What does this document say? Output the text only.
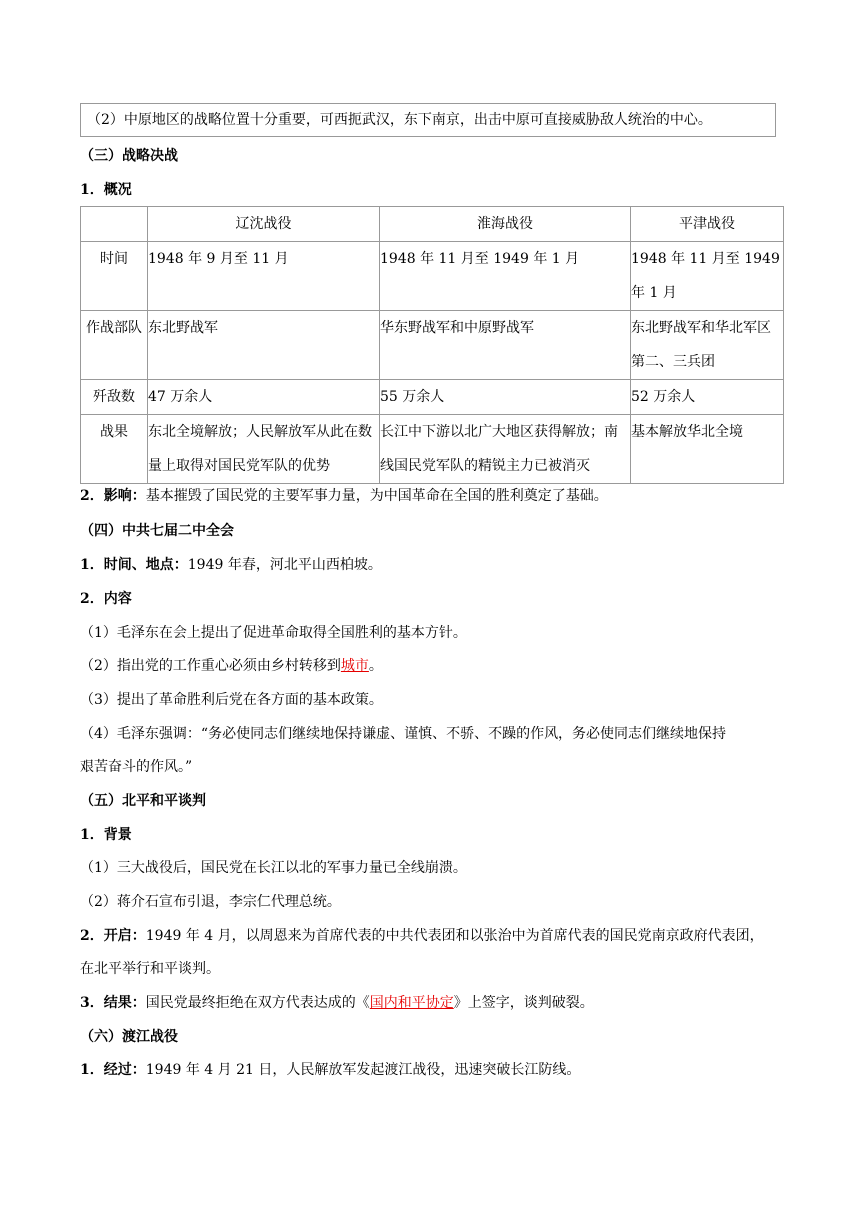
（2）中原地区的战略位置十分重要，可西扼武汉，东下南京，出击中原可直接威胁敌人统治的中心。
（三）战略决战
1．概况
	辽沈战役	淮海战役	平津战役
时间	1948 年 9 月至 11 月	1948 年 11 月至 1949 年 1 月	1948 年 11 月至 1949 年 1 月
作战部队	东北野战军	华东野战军和中原野战军	东北野战军和华北军区第二、三兵团
歼敌数	47 万余人	55 万余人	52 万余人
战果	东北全境解放；人民解放军从此在数量上取得对国民党军队的优势	长江中下游以北广大地区获得解放；南线国民党军队的精锐主力已被消灭	基本解放华北全境
2．影响：基本摧毁了国民党的主要军事力量，为中国革命在全国的胜利奠定了基础。
（四）中共七届二中全会
1．时间、地点：1949 年春，河北平山西柏坡。
2．内容
（1）毛泽东在会上提出了促进革命取得全国胜利的基本方针。
（2）指出党的工作重心必须由乡村转移到城市。
（3）提出了革命胜利后党在各方面的基本政策。
（4）毛泽东强调：“务必使同志们继续地保持谦虚、谨慎、不骄、不躁的作风，务必使同志们继续地保持
艰苦奋斗的作风。”
（五）北平和平谈判
1．背景
（1）三大战役后，国民党在长江以北的军事力量已全线崩溃。
（2）蒋介石宣布引退，李宗仁代理总统。
2．开启：1949 年 4 月，以周恩来为首席代表的中共代表团和以张治中为首席代表的国民党南京政府代表团，
在北平举行和平谈判。
3．结果：国民党最终拒绝在双方代表达成的《国内和平协定》上签字，谈判破裂。
（六）渡江战役
1．经过：1949 年 4 月 21 日，人民解放军发起渡江战役，迅速突破长江防线。
